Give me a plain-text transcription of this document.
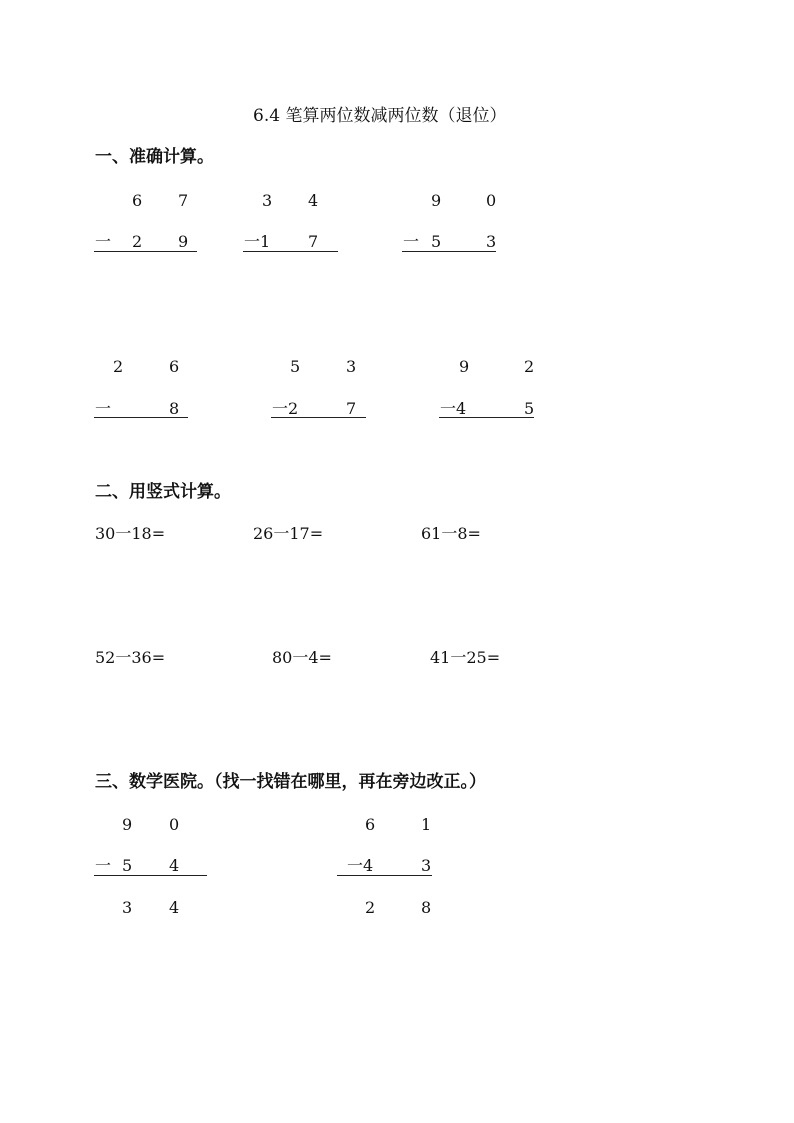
6.4 笔算两位数减两位数（退位）
一、准确计算。
6 7
一 2 9
3 4
一1 7
9	0
一 5	3
2	6
一	8
5	3
一2	7
9	2
一4	5
二、用竖式计算。
30一18=	26一17=	61一8=
52一36=	80一4=	41一25=
三、数学医院。（找一找错在哪里，再在旁边改正。）
9 0
一 5 4
3 4
6	1
一4	3
2	8
